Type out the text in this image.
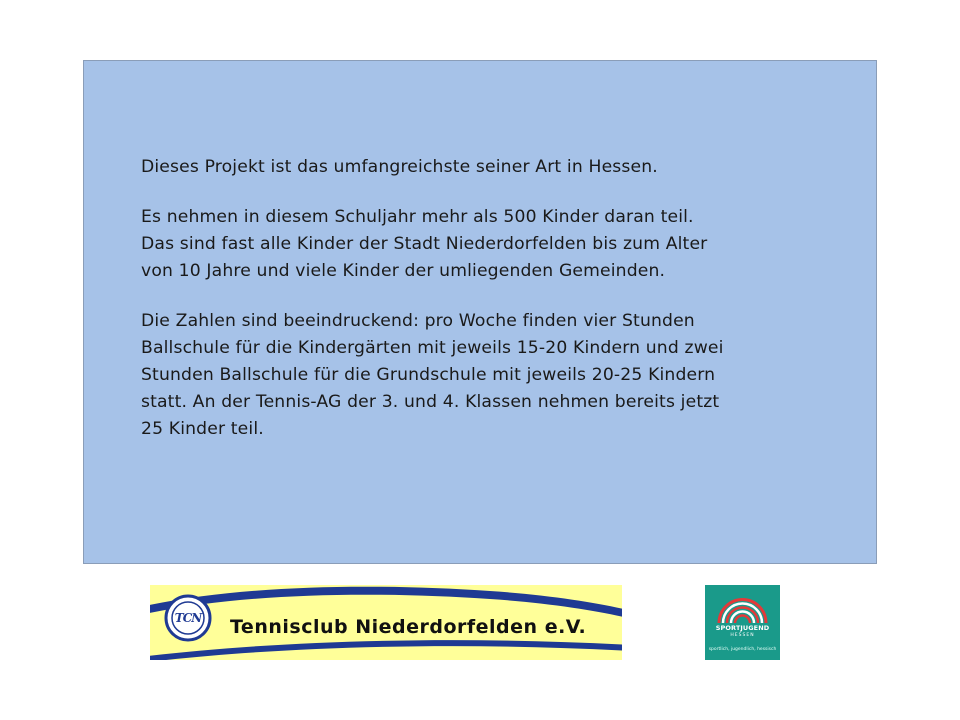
Dieses Projekt ist das umfangreichste seiner Art in Hessen.

Es nehmen in diesem Schuljahr mehr als 500 Kinder daran teil.
Das sind fast alle Kinder der Stadt Niederdorfelden bis zum Alter
von 10 Jahre und viele Kinder der umliegenden Gemeinden.

Die Zahlen sind beeindruckend: pro Woche finden vier Stunden
Ballschule für die Kindergärten mit jeweils 15-20 Kindern und zwei
Stunden Ballschule für die Grundschule mit jeweils 20-25 Kindern
statt. An der Tennis-AG der 3. und 4. Klassen nehmen bereits jetzt
25 Kinder teil.

TCN Tennisclub Niederdorfelden e.V.	SPORTJUGEND
HESSEN
sportlich, jugendlich, hessisch
